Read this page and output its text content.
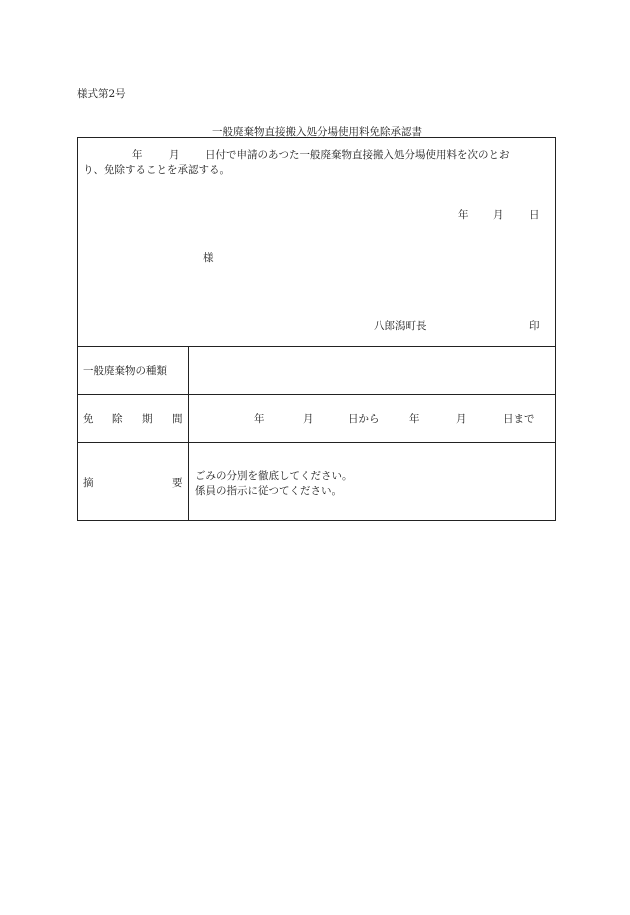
様式第2号
一般廃棄物直接搬入処分場使用料免除承認書
年	月 日付で申請のあつた一般廃棄物直接搬入処分場使用料を次のとお
り、免除することを承認する。
年 月 日
様
八郎潟町長	印
一般廃棄物の種類
免 除 期 間	年	月	日から	年	月	日まで
摘	要
ごみの分別を徹底してください。
係員の指示に従つてください。
